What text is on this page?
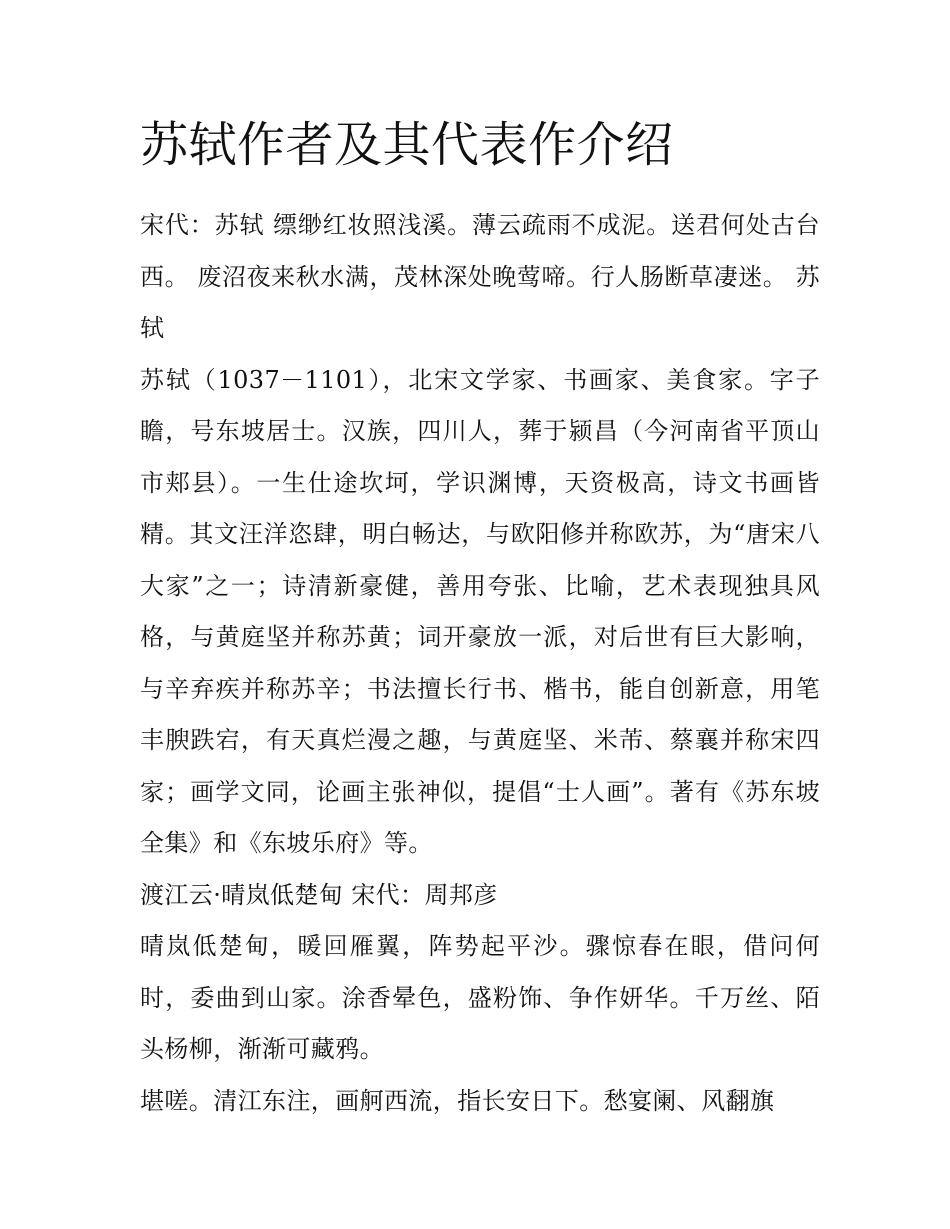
苏轼作者及其代表作介绍

宋代：苏轼 缥缈红妆照浅溪。薄云疏雨不成泥。送君何处古台西。 废沼夜来秋水满，茂林深处晚莺啼。行人肠断草凄迷。 苏轼

苏轼（1037－1101），北宋文学家、书画家、美食家。字子瞻，号东坡居士。汉族，四川人，葬于颍昌（今河南省平顶山市郏县）。一生仕途坎坷，学识渊博，天资极高，诗文书画皆精。其文汪洋恣肆，明白畅达，与欧阳修并称欧苏，为“唐宋八大家”之一；诗清新豪健，善用夸张、比喻，艺术表现独具风格，与黄庭坚并称苏黄；词开豪放一派，对后世有巨大影响，与辛弃疾并称苏辛；书法擅长行书、楷书，能自创新意，用笔丰腴跌宕，有天真烂漫之趣，与黄庭坚、米芾、蔡襄并称宋四家；画学文同，论画主张神似，提倡“士人画”。著有《苏东坡全集》和《东坡乐府》等。

渡江云·晴岚低楚甸 宋代：周邦彦

晴岚低楚甸，暖回雁翼，阵势起平沙。骤惊春在眼，借问何时，委曲到山家。涂香晕色，盛粉饰、争作妍华。千万丝、陌头杨柳，渐渐可藏鸦。

堪嗟。清江东注，画舸西流，指长安日下。愁宴阑、风翻旗
